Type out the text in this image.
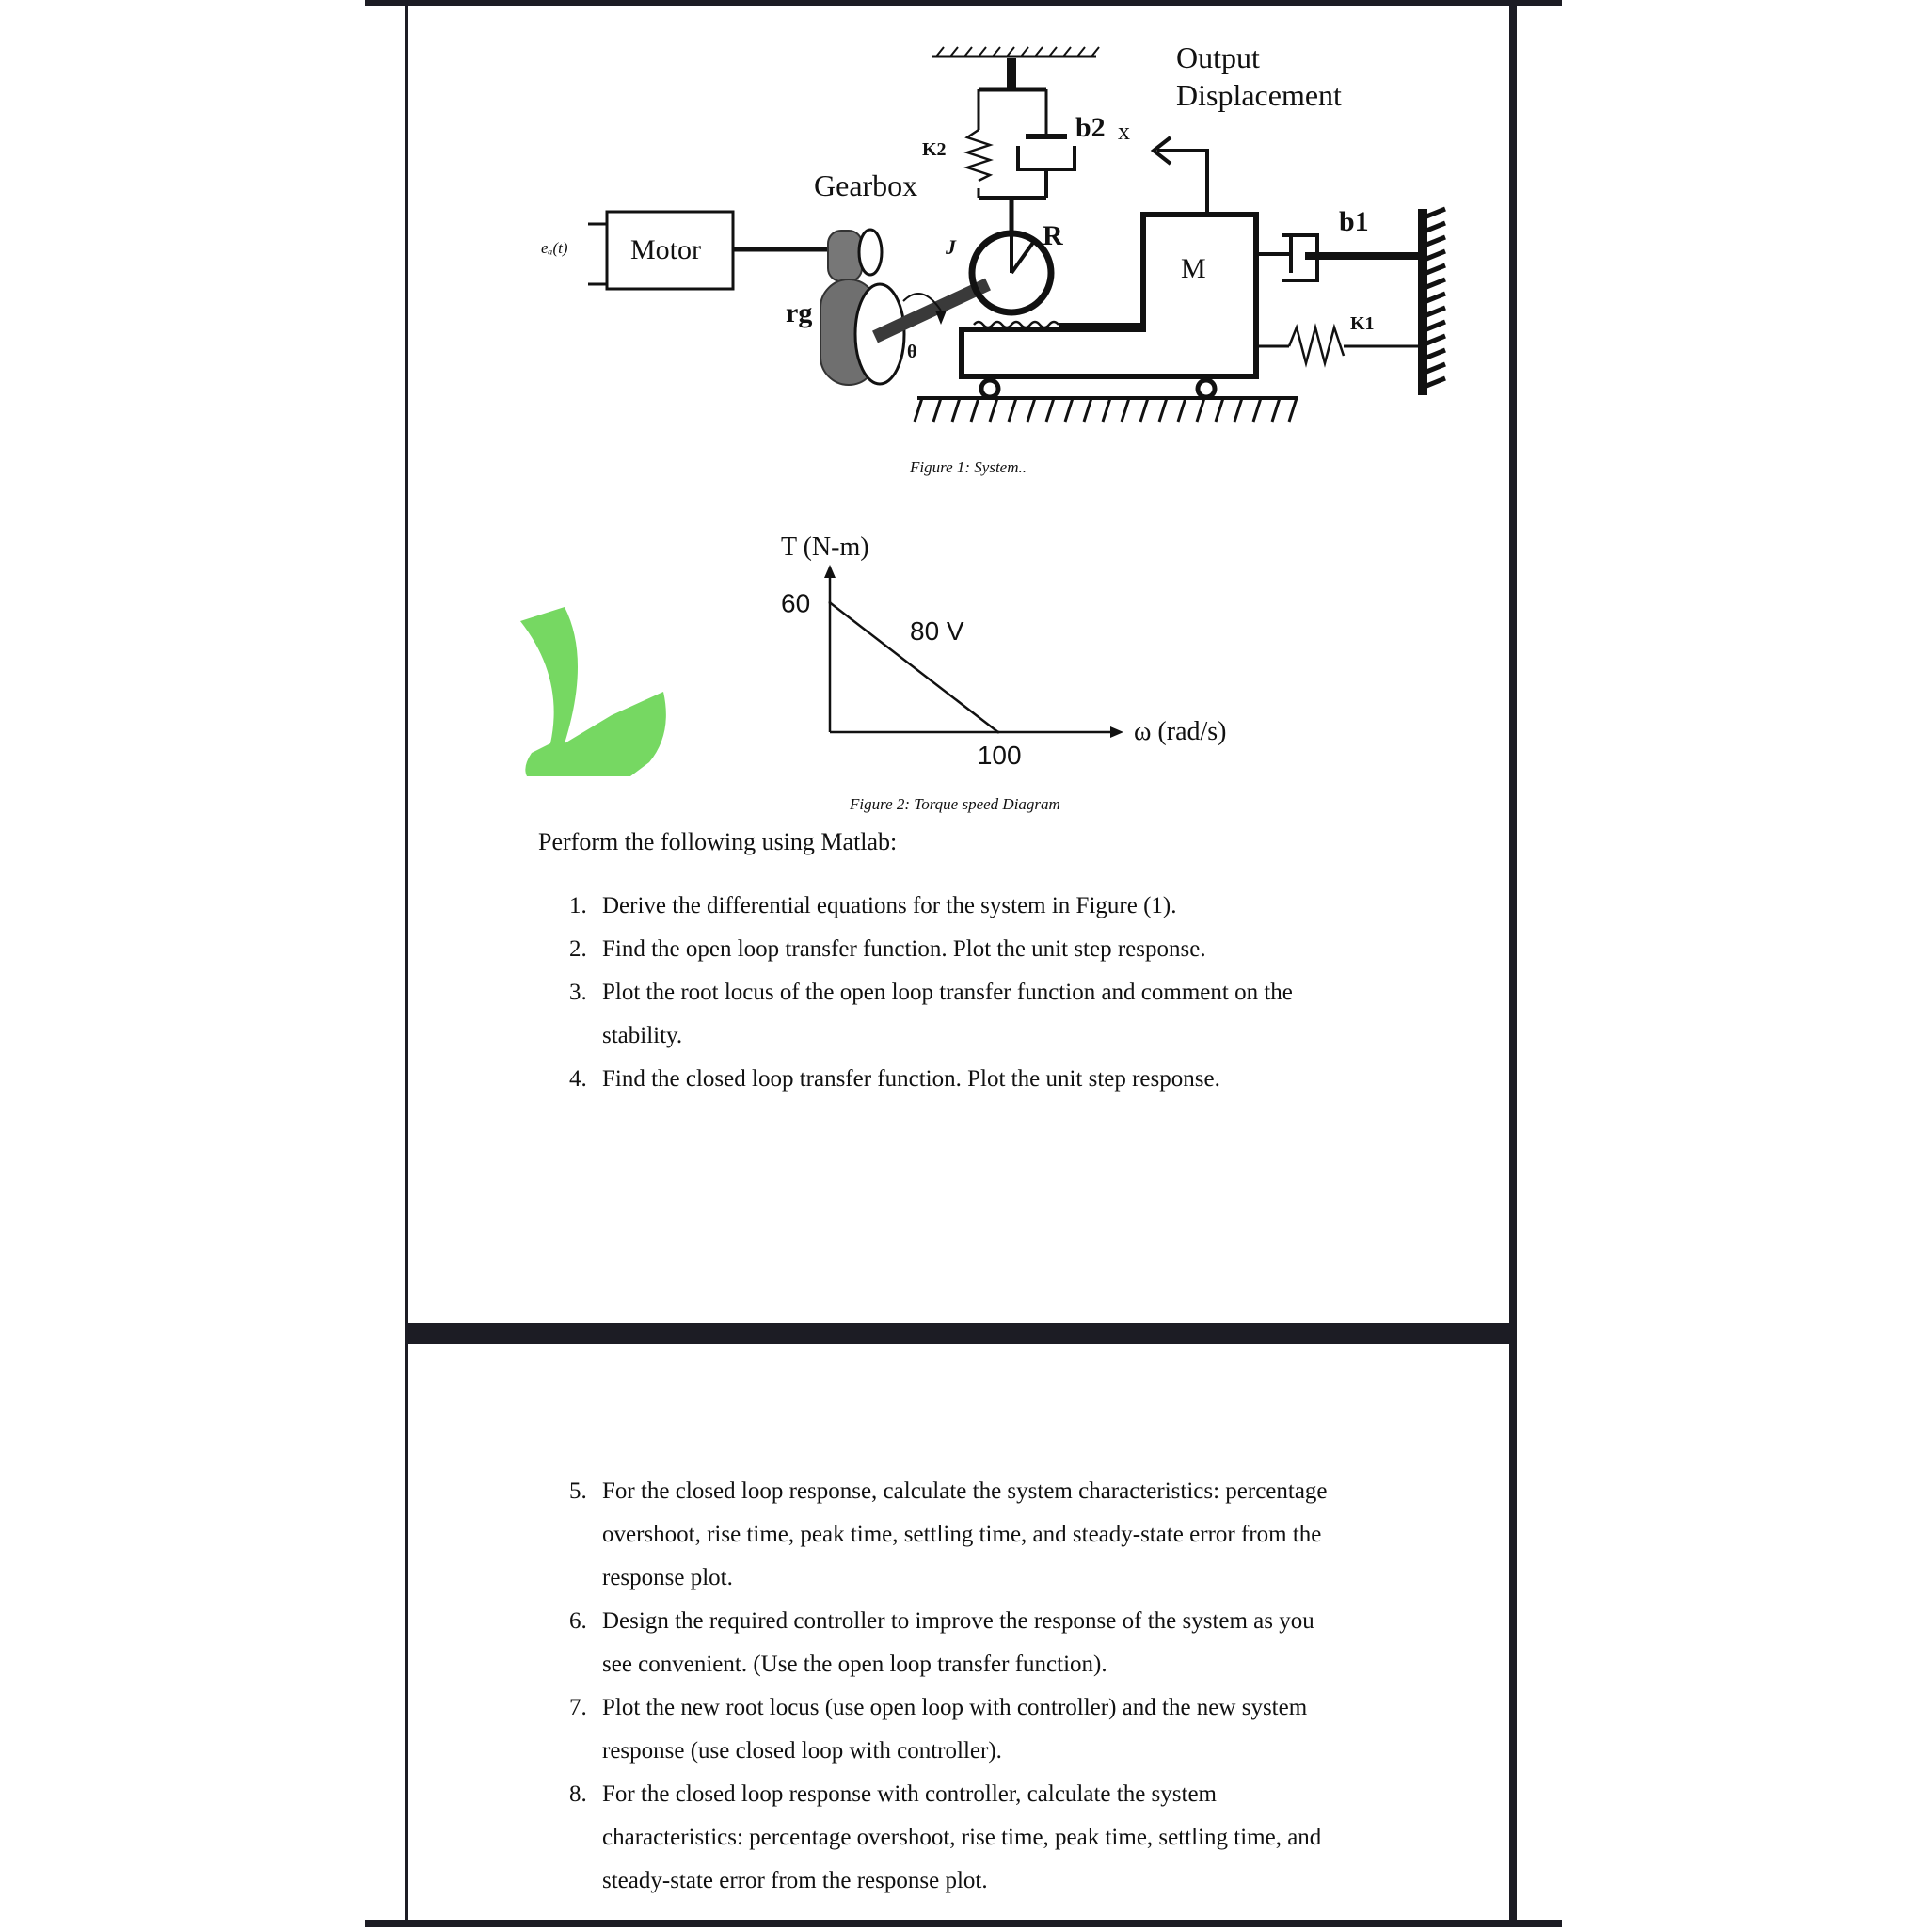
eₐ(t) Motor
Gearbox
rg
θ
K2
b2 x
Output
Displacement
J	R
M
b1
K1
Figure 1: System..
T (N-m)
ω (rad/s)
60
100
80 V
Figure 2: Torque speed Diagram
Perform the following using Matlab:
1. Derive the differential equations for the system in Figure (1).
2. Find the open loop transfer function. Plot the unit step response.
3. Plot the root locus of the open loop transfer function and comment on the
stability.
4. Find the closed loop transfer function. Plot the unit step response.
5. For the closed loop response, calculate the system characteristics: percentage
overshoot, rise time, peak time, settling time, and steady-state error from the
response plot.
6. Design the required controller to improve the response of the system as you
see convenient. (Use the open loop transfer function).
7. Plot the new root locus (use open loop with controller) and the new system
response (use closed loop with controller).
8. For the closed loop response with controller, calculate the system
characteristics: percentage overshoot, rise time, peak time, settling time, and
steady-state error from the response plot.
